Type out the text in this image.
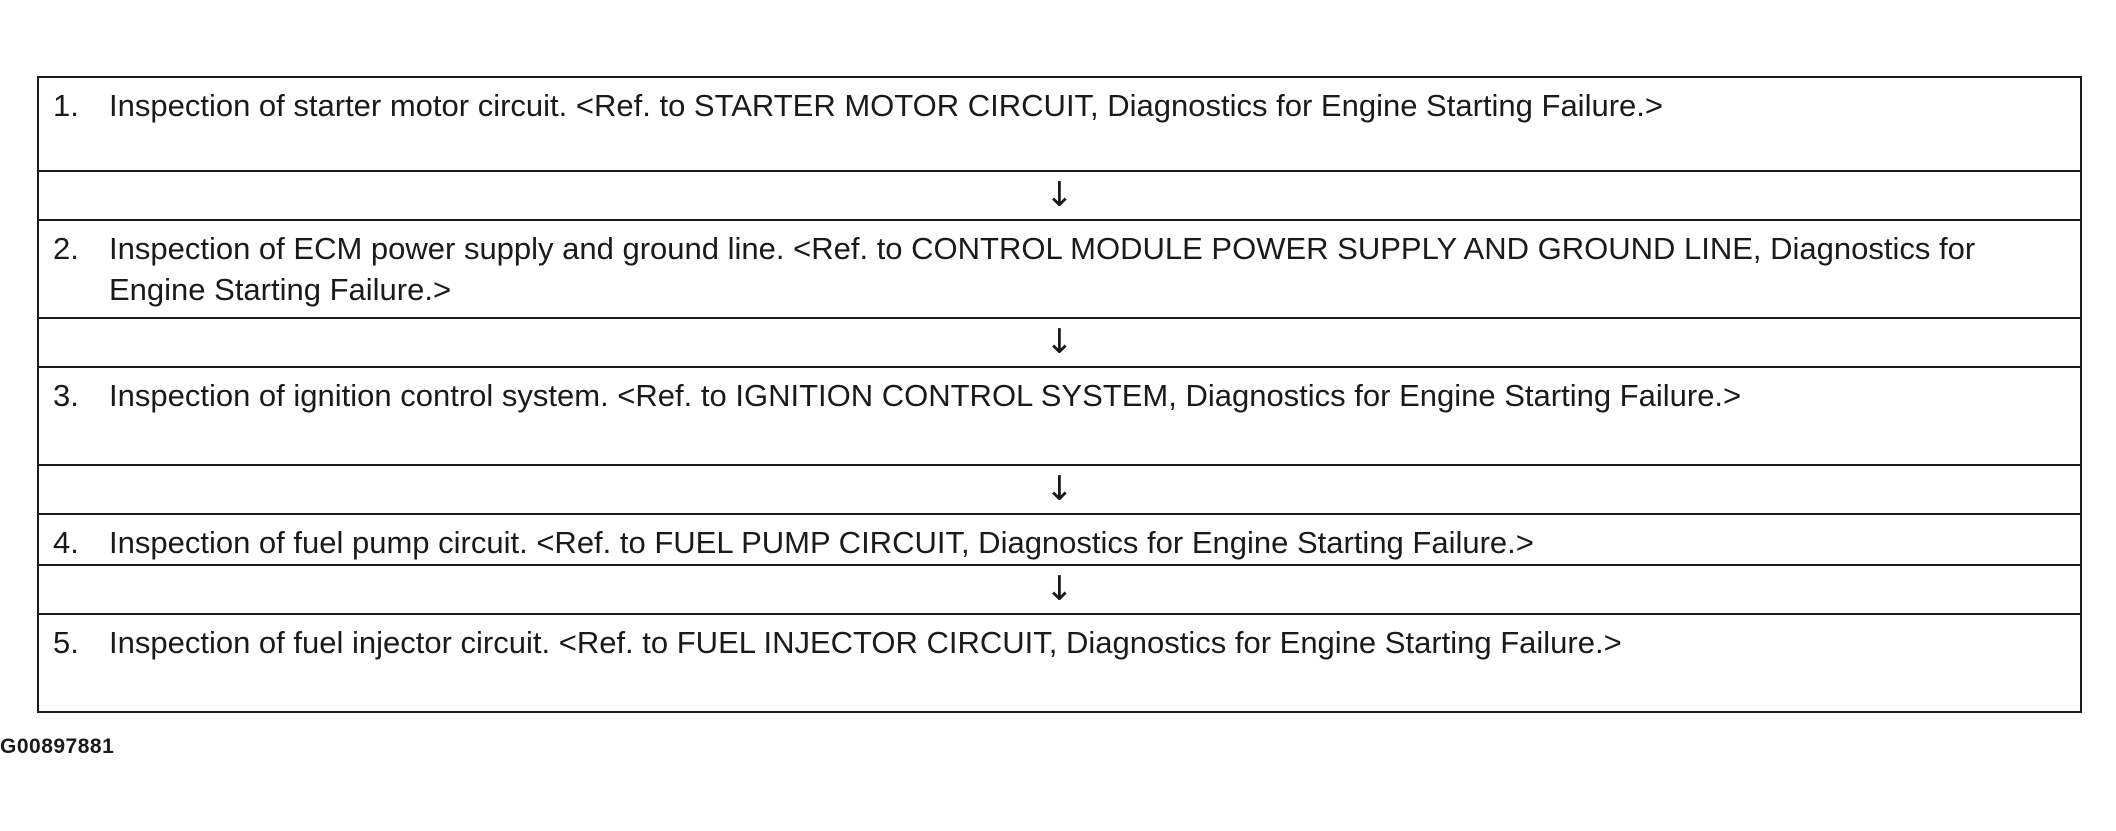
1. Inspection of starter motor circuit. <Ref. to STARTER MOTOR CIRCUIT, Diagnostics for Engine Starting Failure.>

↓

2. Inspection of ECM power supply and ground line. <Ref. to CONTROL MODULE POWER SUPPLY AND GROUND LINE, Diagnostics for Engine Starting Failure.>

↓

3. Inspection of ignition control system. <Ref. to IGNITION CONTROL SYSTEM, Diagnostics for Engine Starting Failure.>

↓

4. Inspection of fuel pump circuit. <Ref. to FUEL PUMP CIRCUIT, Diagnostics for Engine Starting Failure.>

↓

5. Inspection of fuel injector circuit. <Ref. to FUEL INJECTOR CIRCUIT, Diagnostics for Engine Starting Failure.>
G00897881
